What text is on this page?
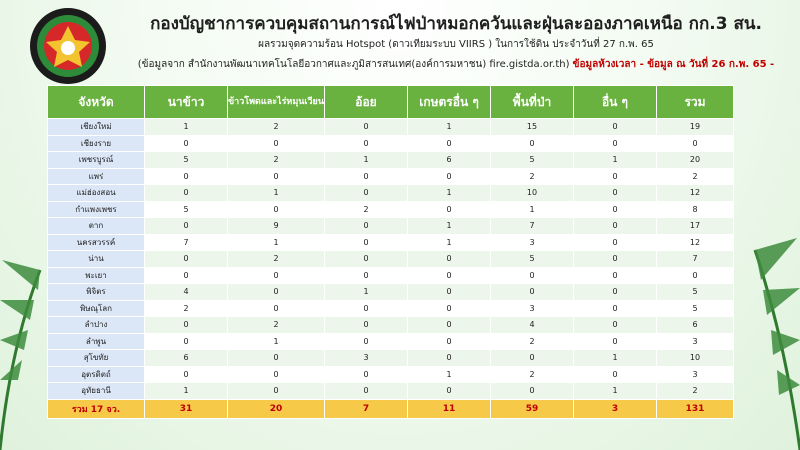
กองบัญชาการควบคุมสถานการณ์ไฟป่าหมอกควันและฝุ่นละอองภาคเหนือ กก.3 สน.
ผลรวมจุดความร้อน Hotspot (ดาวเทียมระบบ VIIRS ) ในการใช้ดิน ประจำวันที่ 27 ก.พ. 65
(ข้อมูลจาก สำนักงานพัฒนาเทคโนโลยีอวกาศและภูมิสารสนเทศ(องค์การมหาชน) fire.gistda.or.th) ข้อมูลห้วงเวลา - ข้อมูล ณ วันที่ 26 ก.พ. 65 -
จังหวัด	นาข้าว	ข้าวโพดและไร่หมุนเวียน	อ้อย	เกษตรอื่น ๆ	พื้นที่ป่า	อื่น ๆ	รวม
เชียงใหม่	1	2	0	1	15	0	19
เชียงราย	0	0	0	0	0	0	0
เพชรบูรณ์	5	2	1	6	5	1	20
แพร่	0	0	0	0	2	0	2
แม่ฮ่องสอน	0	1	0	1	10	0	12
กำแพงเพชร	5	0	2	0	1	0	8
ตาก	0	9	0	1	7	0	17
นครสวรรค์	7	1	0	1	3	0	12
น่าน	0	2	0	0	5	0	7
พะเยา	0	0	0	0	0	0	0
พิจิตร	4	0	1	0	0	0	5
พิษณุโลก	2	0	0	0	3	0	5
ลำปาง	0	2	0	0	4	0	6
ลำพูน	0	1	0	0	2	0	3
สุโขทัย	6	0	3	0	0	1	10
อุตรดิตถ์	0	0	0	1	2	0	3
อุทัยธานี	1	0	0	0	0	1	2
รวม 17 จว.	31	20	7	11	59	3	131
